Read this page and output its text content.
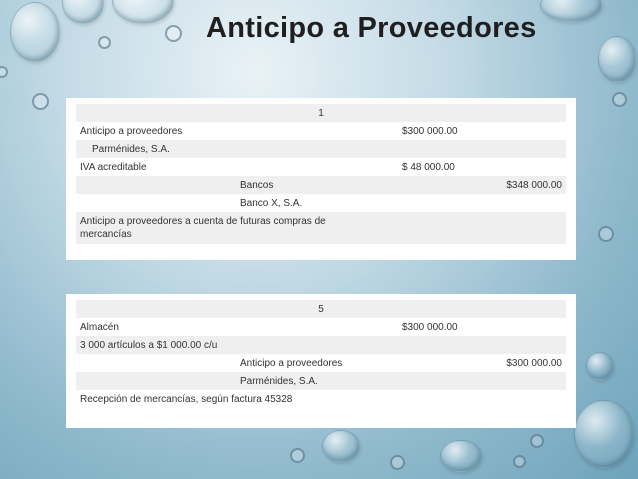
Anticipo a Proveedores
1
Anticipo a proveedores	$300 000.00
Parménides, S.A.
IVA acreditable	$ 48 000.00
Bancos	$348 000.00
Banco X, S.A.
Anticipo a proveedores a cuenta de futuras compras de mercancías
5
Almacén	$300 000.00
3 000 artículos a $1 000.00 c/u
Anticipo a proveedores	$300 000.00
Parménides, S.A.
Recepción de mercancías, según factura 45328
